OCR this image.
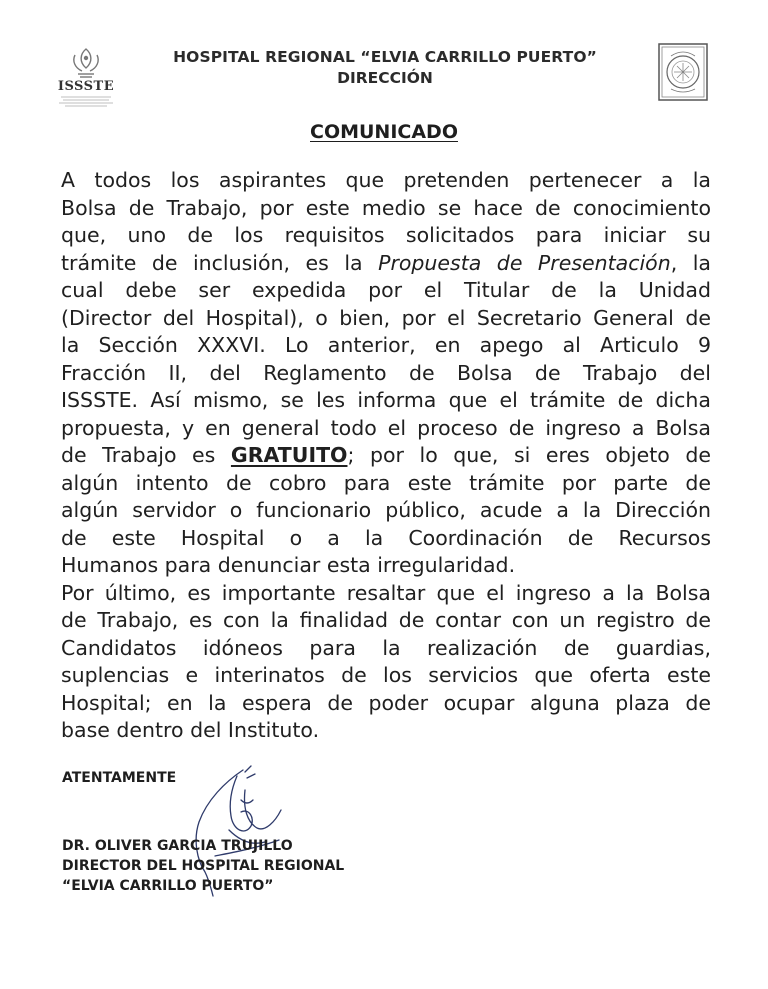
ISSSTE
HOSPITAL REGIONAL “ELVIA CARRILLO PUERTO”
DIRECCIÓN
COMUNICADO
A todos los aspirantes que pretenden pertenecer a la
Bolsa de Trabajo, por este medio se hace de conocimiento
que, uno de los requisitos solicitados para iniciar su
trámite de inclusión, es la Propuesta de Presentación, la
cual debe ser expedida por el Titular de la Unidad
(Director del Hospital), o bien, por el Secretario General de
la Sección XXXVI. Lo anterior, en apego al Articulo 9
Fracción II, del Reglamento de Bolsa de Trabajo del
ISSSTE. Así mismo, se les informa que el trámite de dicha
propuesta, y en general todo el proceso de ingreso a Bolsa
de Trabajo es GRATUITO; por lo que, si eres objeto de
algún intento de cobro para este trámite por parte de
algún servidor o funcionario público, acude a la Dirección
de este Hospital o a la Coordinación de Recursos
Humanos para denunciar esta irregularidad.
Por último, es importante resaltar que el ingreso a la Bolsa
de Trabajo, es con la finalidad de contar con un registro de
Candidatos idóneos para la realización de guardias,
suplencias e interinatos de los servicios que oferta este
Hospital; en la espera de poder ocupar alguna plaza de
base dentro del Instituto.
ATENTAMENTE
DR. OLIVER GARCIA TRUJILLO
DIRECTOR DEL HOSPITAL REGIONAL
“ELVIA CARRILLO PUERTO”
